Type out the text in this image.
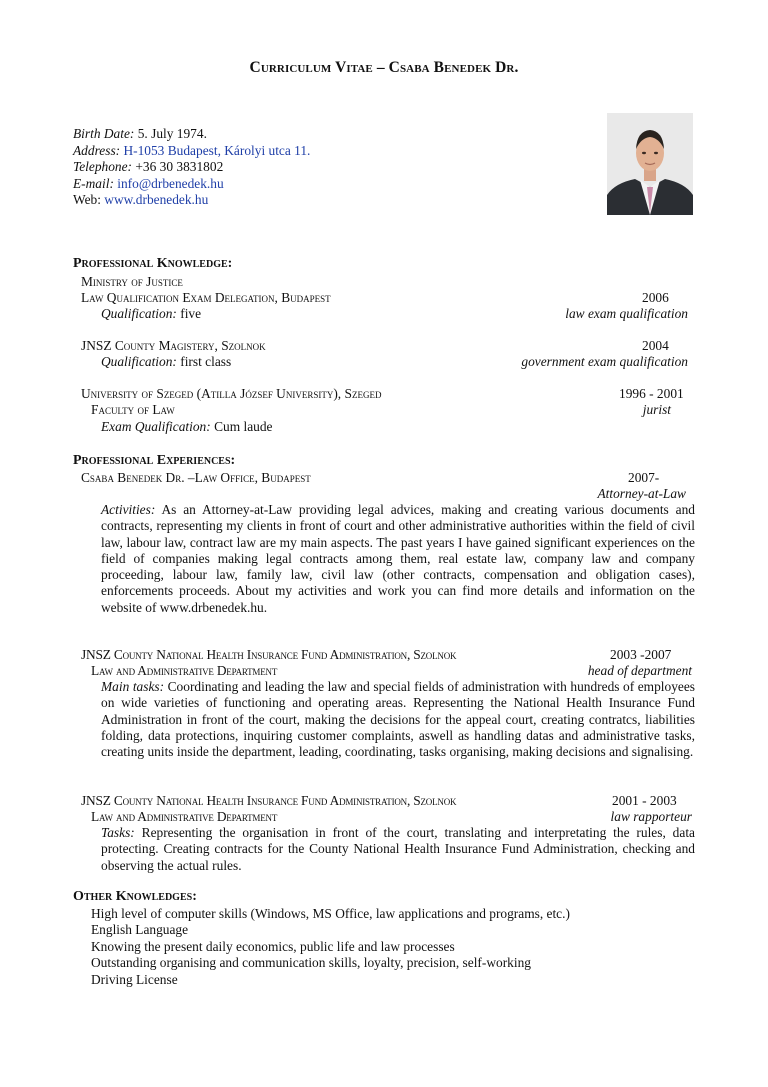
Curriculum Vitae – Csaba Benedek Dr.
Birth Date: 5. July 1974.
Address: H-1053 Budapest, Károlyi utca 11.
Telephone: +36 30 3831802
E-mail: info@drbenedek.hu
Web: www.drbenedek.hu
Professional Knowledge:
Ministry of Justice
Law Qualification Exam Delegation, Budapest	2006
Qualification: five	law exam qualification
JNSZ County Magistery, Szolnok	2004
Qualification: first class	government exam qualification
University of Szeged (Atilla József University), Szeged	1996 - 2001
Faculty of Law	jurist
Exam Qualification: Cum laude
Professional Experiences:
Csaba Benedek Dr. –Law Office, Budapest	2007-
Attorney-at-Law
Activities: As an Attorney-at-Law providing legal advices, making and creating various documents and contracts, representing my clients in front of court and other administrative authorities within the field of civil law, labour law, contract law are my main aspects. The past years I have gained significant experiences on the field of companies making legal contracts among them, real estate law, company law and company proceeding, labour law, family law, civil law (other contracts, compensation and obligation cases), enforcements proceeds. About my activities and work you can find more details and information on the website of www.drbenedek.hu.
JNSZ County National Health Insurance Fund Administration, Szolnok	2003 -2007
Law and Administrative Department	head of department
Main tasks: Coordinating and leading the law and special fields of administration with hundreds of employees on wide varieties of functioning and operating areas. Representing the National Health Insurance Fund Administration in front of the court, making the decisions for the appeal court, creating contratcs, liabilities folding, data protections, inquiring customer complaints, aswell as handling datas and administrative tasks, creating units inside the department, leading, coordinating, tasks organising, making decisions and signalising.
JNSZ County National Health Insurance Fund Administration, Szolnok	2001 - 2003
Law and Administrative Department	law rapporteur
Tasks: Representing the organisation in front of the court, translating and interpretating the rules, data protecting. Creating contracts for the County National Health Insurance Fund Administration, checking and observing the actual rules.
Other Knowledges:
High level of computer skills (Windows, MS Office, law applications and programs, etc.)
English Language
Knowing the present daily economics, public life and law processes
Outstanding organising and communication skills, loyalty, precision, self-working
Driving License
